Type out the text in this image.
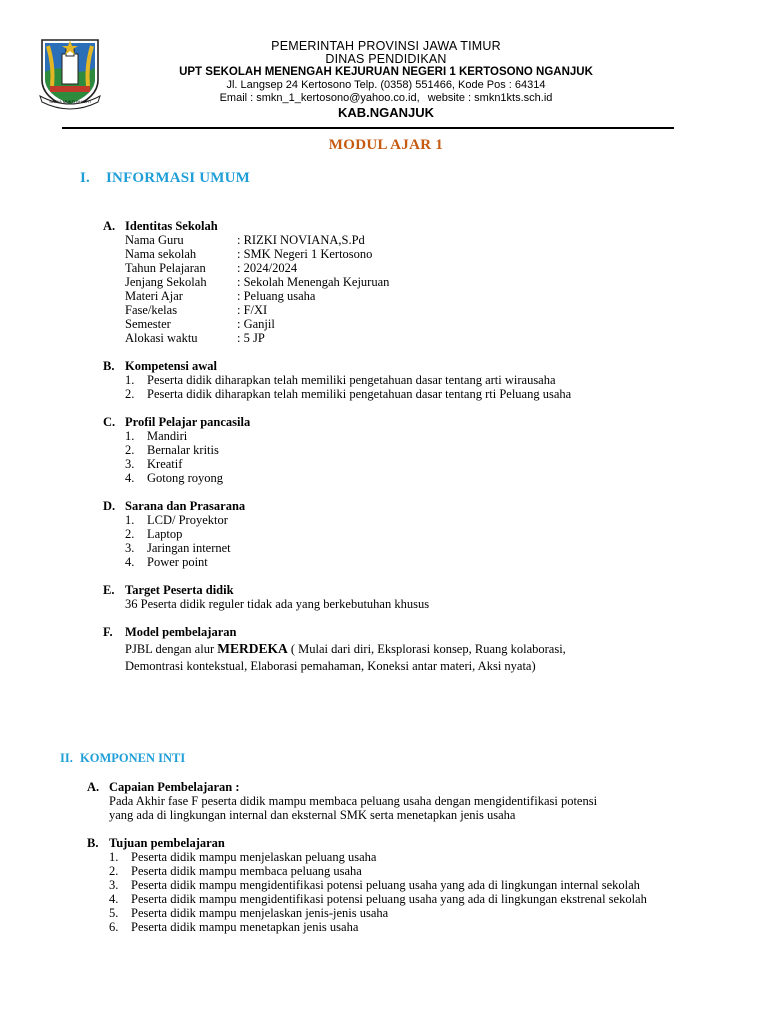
SATYA MUKTI BHAKTI
PEMERINTAH PROVINSI JAWA TIMUR
DINAS PENDIDIKAN
UPT SEKOLAH MENENGAH KEJURUAN NEGERI 1 KERTOSONO NGANJUK
Jl. Langsep 24 Kertosono Telp. (0358) 551466, Kode Pos : 64314
Email : smkn_1_kertosono@yahoo.co.id, website : smkn1kts.sch.id
KAB.NGANJUK
MODUL AJAR 1
I. INFORMASI UMUM
A. Identitas Sekolah
Nama Guru	: RIZKI NOVIANA,S.Pd
Nama sekolah	: SMK Negeri 1 Kertosono
Tahun Pelajaran	: 2024/2024
Jenjang Sekolah : Sekolah Menengah Kejuruan
Materi Ajar	: Peluang usaha
Fase/kelas	: F/XI
Semester	: Ganjil
Alokasi waktu	: 5 JP
B. Kompetensi awal
1. Peserta didik diharapkan telah memiliki pengetahuan dasar tentang arti wirausaha
2. Peserta didik diharapkan telah memiliki pengetahuan dasar tentang rti Peluang usaha
C. Profil Pelajar pancasila
1. Mandiri
2. Bernalar kritis
3. Kreatif
4. Gotong royong
D. Sarana dan Prasarana
1. LCD/ Proyektor
2. Laptop
3. Jaringan internet
4. Power point
E. Target Peserta didik
36 Peserta didik reguler tidak ada yang berkebutuhan khusus
F. Model pembelajaran
PJBL dengan alur MERDEKA ( Mulai dari diri, Eksplorasi konsep, Ruang kolaborasi,
Demontrasi kontekstual, Elaborasi pemahaman, Koneksi antar materi, Aksi nyata)
II. KOMPONEN INTI
A. Capaian Pembelajaran :
Pada Akhir fase F peserta didik mampu membaca peluang usaha dengan mengidentifikasi potensi
yang ada di lingkungan internal dan eksternal SMK serta menetapkan jenis usaha
B. Tujuan pembelajaran
1.	Peserta didik mampu menjelaskan peluang usaha
2.	Peserta didik mampu membaca peluang usaha
3.	Peserta didik mampu mengidentifikasi potensi peluang usaha yang ada di lingkungan internal sekolah
4.	Peserta didik mampu mengidentifikasi potensi peluang usaha yang ada di lingkungan ekstrenal sekolah
5.	Peserta didik mampu menjelaskan jenis-jenis usaha
6.	Peserta didik mampu menetapkan jenis usaha
